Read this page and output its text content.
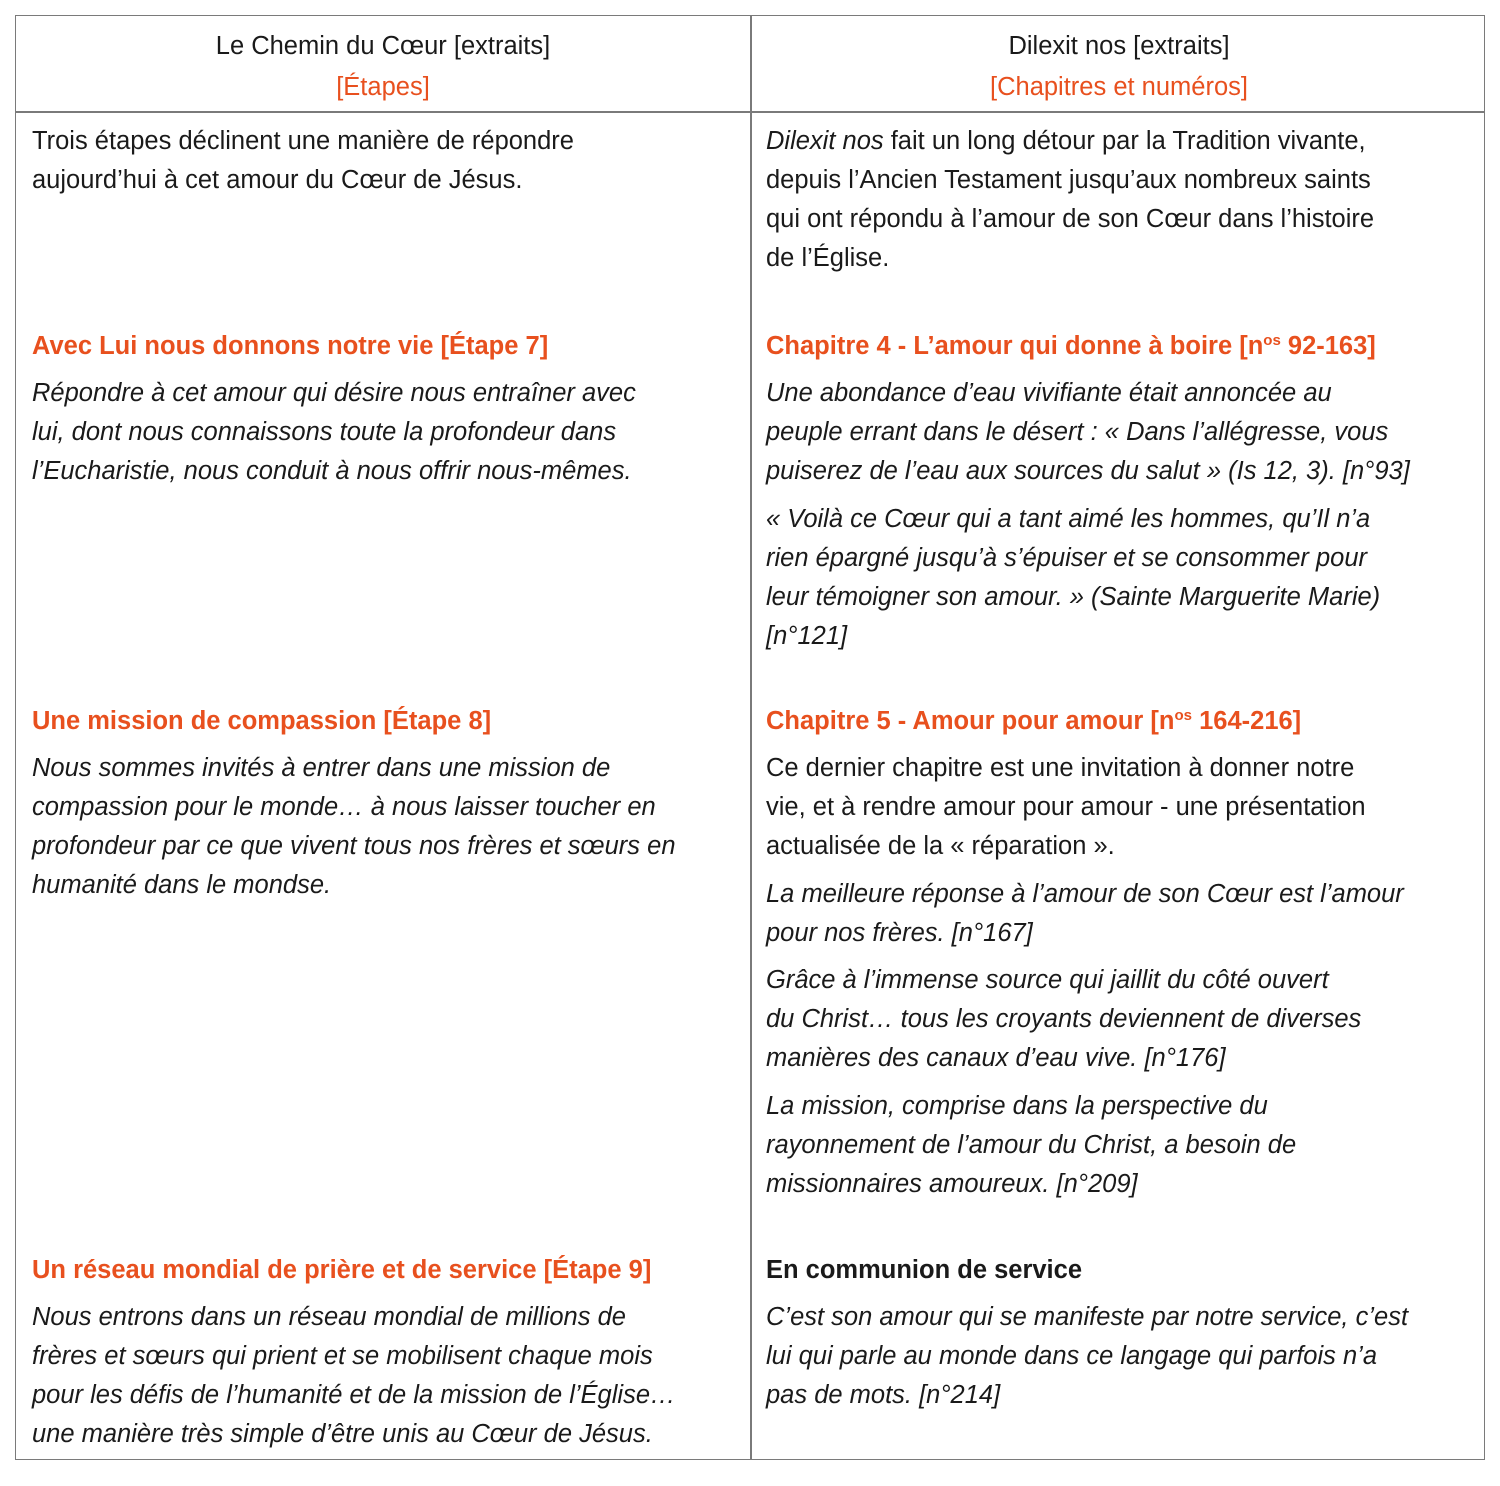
Le Chemin du Cœur [extraits]
[Étapes]
Dilexit nos [extraits]
[Chapitres et numéros]
Trois étapes déclinent une manière de répondre
aujourd’hui à cet amour du Cœur de Jésus.
Avec Lui nous donnons notre vie [Étape 7]
Répondre à cet amour qui désire nous entraîner avec
lui, dont nous connaissons toute la profondeur dans
l’Eucharistie, nous conduit à nous offrir nous-mêmes.
Une mission de compassion [Étape 8]
Nous sommes invités à entrer dans une mission de
compassion pour le monde… à nous laisser toucher en
profondeur par ce que vivent tous nos frères et sœurs en
humanité dans le mondse.
Un réseau mondial de prière et de service [Étape 9]
Nous entrons dans un réseau mondial de millions de
frères et sœurs qui prient et se mobilisent chaque mois
pour les défis de l’humanité et de la mission de l’Église…
une manière très simple d’être unis au Cœur de Jésus.
Dilexit nos fait un long détour par la Tradition vivante,
depuis l’Ancien Testament jusqu’aux nombreux saints
qui ont répondu à l’amour de son Cœur dans l’histoire
de l’Église.
Chapitre 4 - L’amour qui donne à boire [$n^{os}$ 92-163]
Une abondance d’eau vivifiante était annoncée au
peuple errant dans le désert : « Dans l’allégresse, vous
puiserez de l’eau aux sources du salut » (Is 12, 3). [n°93]
« Voilà ce Cœur qui a tant aimé les hommes, qu’Il n’a
rien épargné jusqu’à s’épuiser et se consommer pour
leur témoigner son amour. » (Sainte Marguerite Marie)
[n°121]
Chapitre 5 - Amour pour amour [$n^{os}$ 164-216]
Ce dernier chapitre est une invitation à donner notre
vie, et à rendre amour pour amour - une présentation
actualisée de la « réparation ».
La meilleure réponse à l’amour de son Cœur est l’amour
pour nos frères. [n°167]
Grâce à l’immense source qui jaillit du côté ouvert
du Christ… tous les croyants deviennent de diverses
manières des canaux d’eau vive. [n°176]
La mission, comprise dans la perspective du
rayonnement de l’amour du Christ, a besoin de
missionnaires amoureux. [n°209]
En communion de service
C’est son amour qui se manifeste par notre service, c’est
lui qui parle au monde dans ce langage qui parfois n’a
pas de mots. [n°214]
